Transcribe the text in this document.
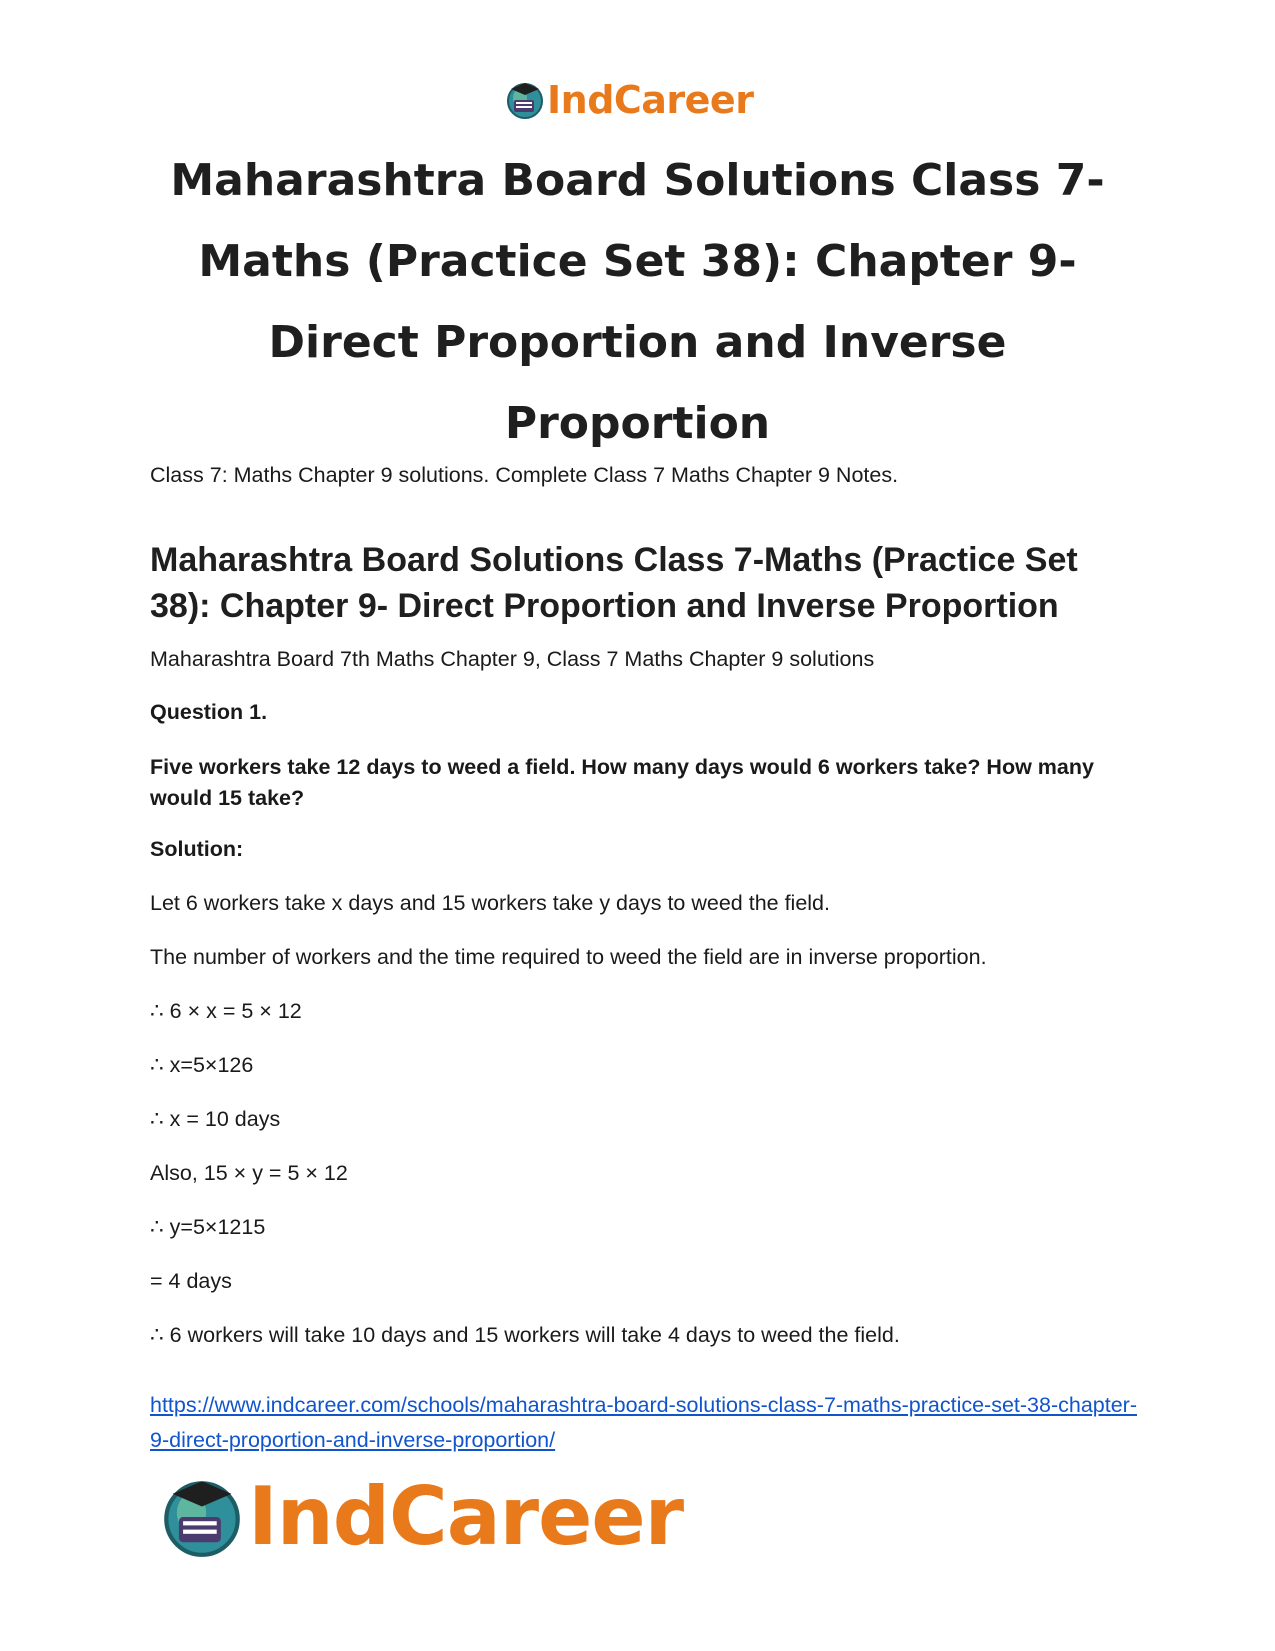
IndCareer
Maharashtra Board Solutions Class 7-Maths (Practice Set 38): Chapter 9- Direct Proportion and Inverse Proportion

Class 7: Maths Chapter 9 solutions. Complete Class 7 Maths Chapter 9 Notes.

Maharashtra Board Solutions Class 7-Maths (Practice Set 38): Chapter 9- Direct Proportion and Inverse Proportion

Maharashtra Board 7th Maths Chapter 9, Class 7 Maths Chapter 9 solutions

Question 1.

Five workers take 12 days to weed a field. How many days would 6 workers take? How many would 15 take?

Solution:

Let 6 workers take x days and 15 workers take y days to weed the field.

The number of workers and the time required to weed the field are in inverse proportion.

∴ 6 × x = 5 × 12

∴ x=5×126

∴ x = 10 days

Also, 15 × y = 5 × 12

∴ y=5×1215

= 4 days

∴ 6 workers will take 10 days and 15 workers will take 4 days to weed the field.

https://www.indcareer.com/schools/maharashtra-board-solutions-class-7-maths-practice-set-38-chapter-9-direct-proportion-and-inverse-proportion/
IndCareer
